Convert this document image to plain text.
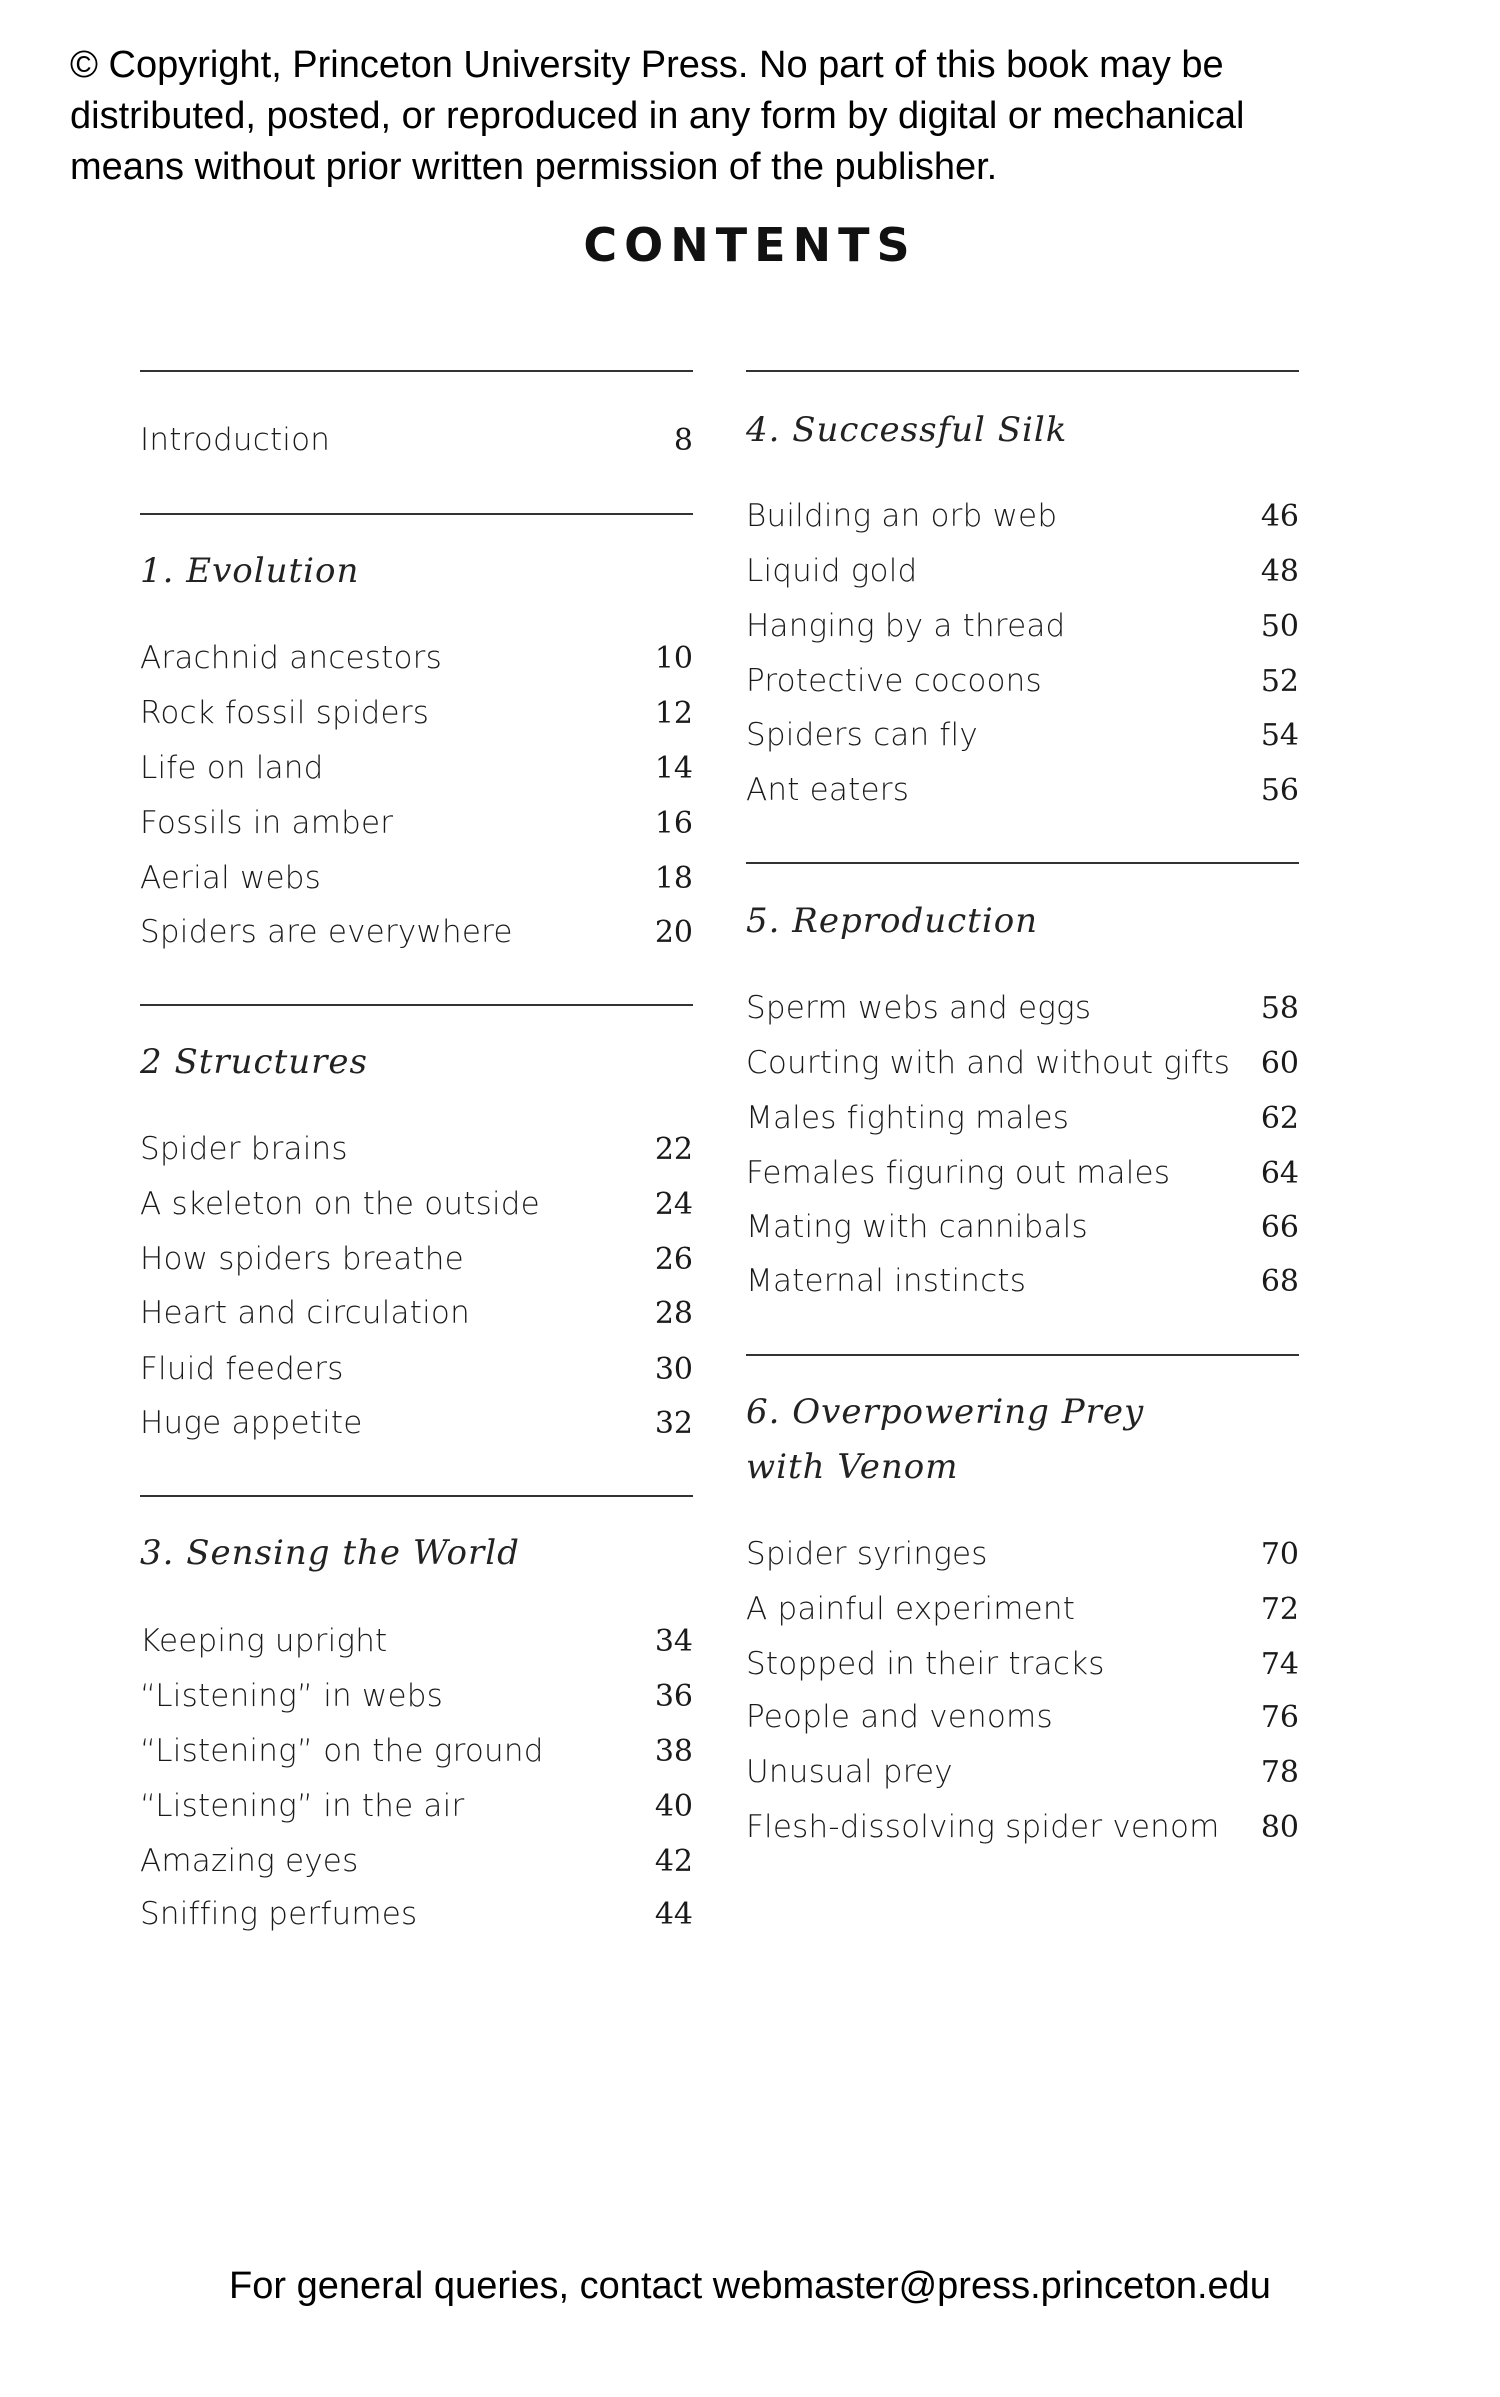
© Copyright, Princeton University Press. No part of this book may be
distributed, posted, or reproduced in any form by digital or mechanical
means without prior written permission of the publisher.
CONTENTS
Introduction	8
1. Evolution
Arachnid ancestors	10
Rock fossil spiders	12
Life on land	14
Fossils in amber	16
Aerial webs	18
Spiders are everywhere	20
2 Structures
Spider brains	22
A skeleton on the outside	24
How spiders breathe	26
Heart and circulation	28
Fluid feeders	30
Huge appetite	32
3. Sensing the World
Keeping upright	34
“Listening” in webs	36
“Listening” on the ground	38
“Listening” in the air	40
Amazing eyes	42
Sniffing perfumes	44
4. Successful Silk
Building an orb web	46
Liquid gold	48
Hanging by a thread	50
Protective cocoons	52
Spiders can fly	54
Ant eaters	56
5. Reproduction
Sperm webs and eggs	58
Courting with and without gifts 60
Males fighting males	62
Females figuring out males	64
Mating with cannibals	66
Maternal instincts	68
6. Overpowering Prey
with Venom
Spider syringes	70
A painful experiment	72
Stopped in their tracks	74
People and venoms	76
Unusual prey	78
Flesh-dissolving spider venom 80
For general queries, contact webmaster@press.princeton.edu
